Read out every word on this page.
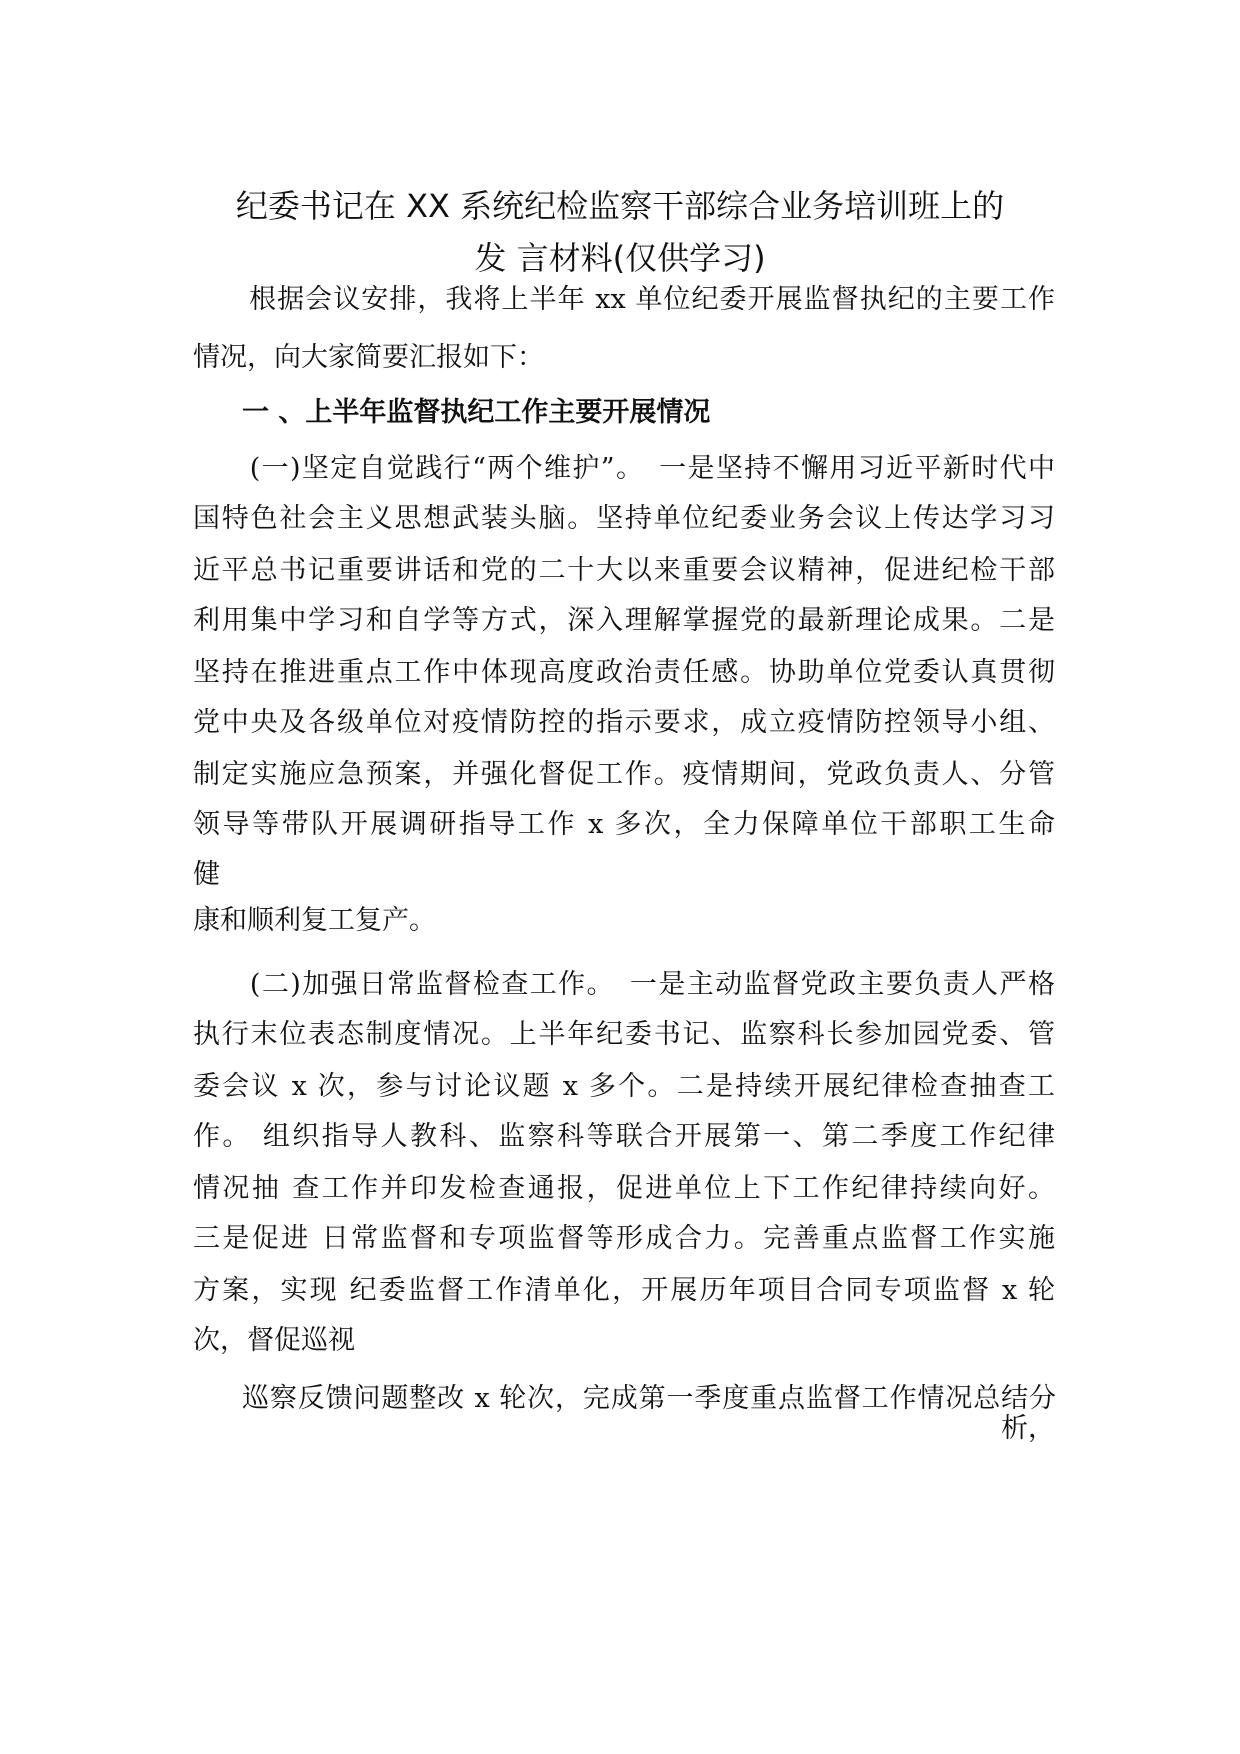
纪委书记在 XX 系统纪检监察干部综合业务培训班上的
发 言材料(仅供学习)
　　根据会议安排，我将上半年 xx 单位纪委开展监督执纪的主要工作
情况，向大家简要汇报如下：
一 、上半年监督执纪工作主要开展情况
　　(一)坚定自觉践行“两个维护”。　一是坚持不懈用习近平新时代中
国特色社会主义思想武装头脑。坚持单位纪委业务会议上传达学习习
近平总书记重要讲话和党的二十大以来重要会议精神，促进纪检干部
利用集中学习和自学等方式，深入理解掌握党的最新理论成果。二是
坚持在推进重点工作中体现高度政治责任感。协助单位党委认真贯彻
党中央及各级单位对疫情防控的指示要求，成立疫情防控领导小组、
制定实施应急预案，并强化督促工作。疫情期间，党政负责人、分管
领导等带队开展调研指导工作 x 多次，全力保障单位干部职工生命
健
康和顺利复工复产。
　　(二)加强日常监督检查工作。　一是主动监督党政主要负责人严格
执行末位表态制度情况。上半年纪委书记、监察科长参加园党委、管
委会议 x 次，参与讨论议题 x 多个。二是持续开展纪律检查抽查工
作。 组织指导人教科、监察科等联合开展第一、第二季度工作纪律
情况抽 查工作并印发检查通报，促进单位上下工作纪律持续向好。
三是促进 日常监督和专项监督等形成合力。完善重点监督工作实施
方案，实现 纪委监督工作清单化，开展历年项目合同专项监督 x 轮
次，督促巡视
巡察反馈问题整改 x 轮次，完成第一季度重点监督工作情况总结分
析，
